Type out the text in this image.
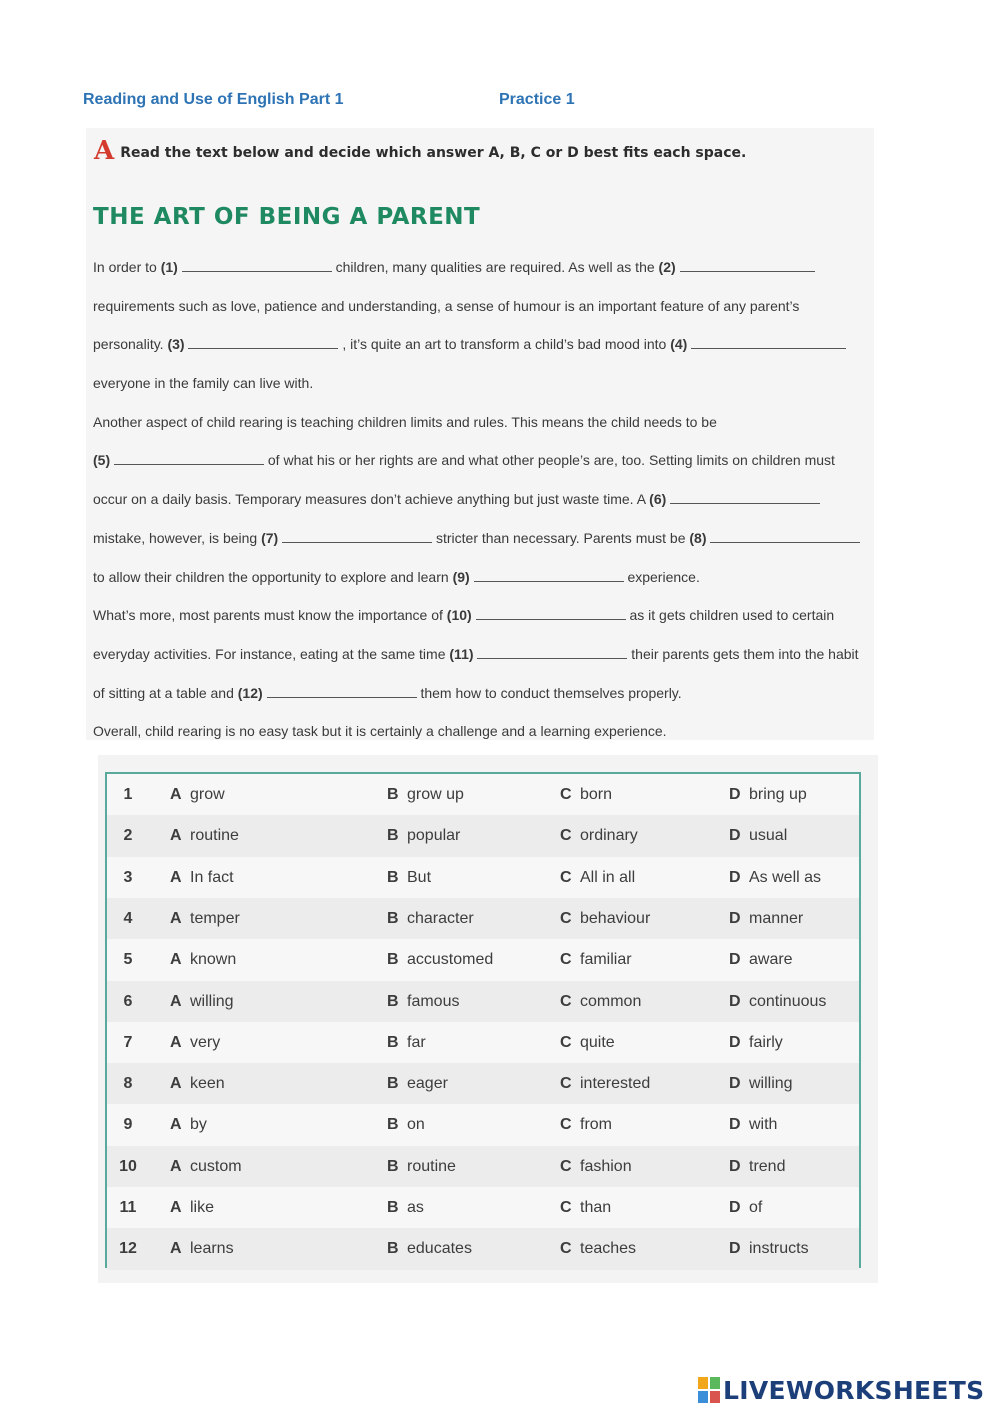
Reading and Use of English Part 1	Practice 1
A Read the text below and decide which answer A, B, C or D best fits each space.
THE ART OF BEING A PARENT
In order to (1)	children, many qualities are required. As well as the (2)
requirements such as love, patience and understanding, a sense of humour is an important feature of any parent’s
personality. (3)	, it’s quite an art to transform a child’s bad mood into (4)
everyone in the family can live with.
Another aspect of child rearing is teaching children limits and rules. This means the child needs to be
(5)	of what his or her rights are and what other people’s are, too. Setting limits on children must
occur on a daily basis. Temporary measures don’t achieve anything but just waste time. A (6)
mistake, however, is being (7)	stricter than necessary. Parents must be (8)
to allow their children the opportunity to explore and learn (9)	experience.
What’s more, most parents must know the importance of (10)	as it gets children used to certain
everyday activities. For instance, eating at the same time (11)	their parents gets them into the habit
of sitting at a table and (12)	them how to conduct themselves properly.
Overall, child rearing is no easy task but it is certainly a challenge and a learning experience.
1	A grow	B grow up	C born	D bring up
2	A routine	B popular	C ordinary	D usual
3	A In fact	B But	C All in all	D As well as
4	A temper	B character	C behaviour	D manner
5	A known	B accustomed	C familiar	D aware
6	A willing	B famous	C common	D continuous
7	A very	B far	C quite	D fairly
8	A keen	B eager	C interested	D willing
9	A by	B on	C from	D with
10 A custom	B routine	C fashion	D trend
11 A like	B as	C than	D of
12 A learns	B educates	C teaches	D instructs
LIVEWORKSHEETS
